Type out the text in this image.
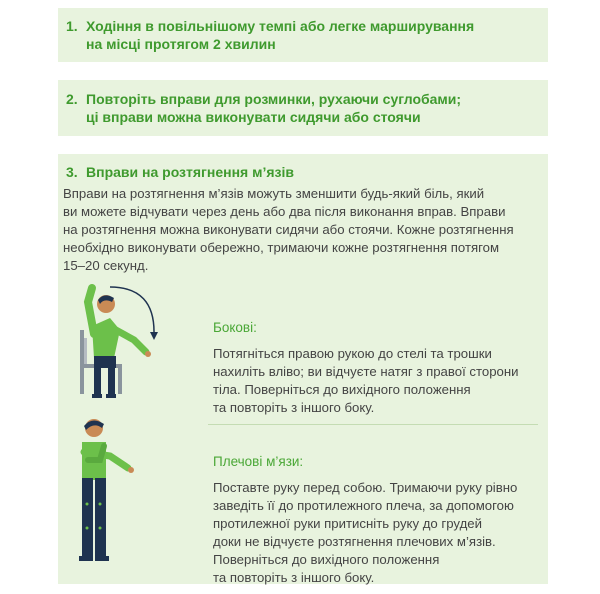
1. Ходіння в повільнішому темпі або легке марширування
на місці протягом 2 хвилин
2. Повторіть вправи для розминки, рухаючи суглобами;
ці вправи можна виконувати сидячи або стоячи
3. Вправи на розтягнення м’язів
Вправи на розтягнення м’язів можуть зменшити будь-який біль, який
ви можете відчувати через день або два після виконання вправ. Вправи
на розтягнення можна виконувати сидячи або стоячи. Кожне розтягнення
необхідно виконувати обережно, тримаючи кожне розтягнення потягом
15–20 секунд.
Бокові:
Потягніться правою рукою до стелі та трошки
нахиліть вліво; ви відчуєте натяг з правої сторони
тіла. Поверніться до вихідного положення
та повторіть з іншого боку.
Плечові м’язи:
Поставте руку перед собою. Тримаючи руку рівно
заведіть її до протилежного плеча, за допомогою
протилежної руки притисніть руку до грудей
доки не відчуєте розтягнення плечових м’язів.
Поверніться до вихідного положення
та повторіть з іншого боку.
